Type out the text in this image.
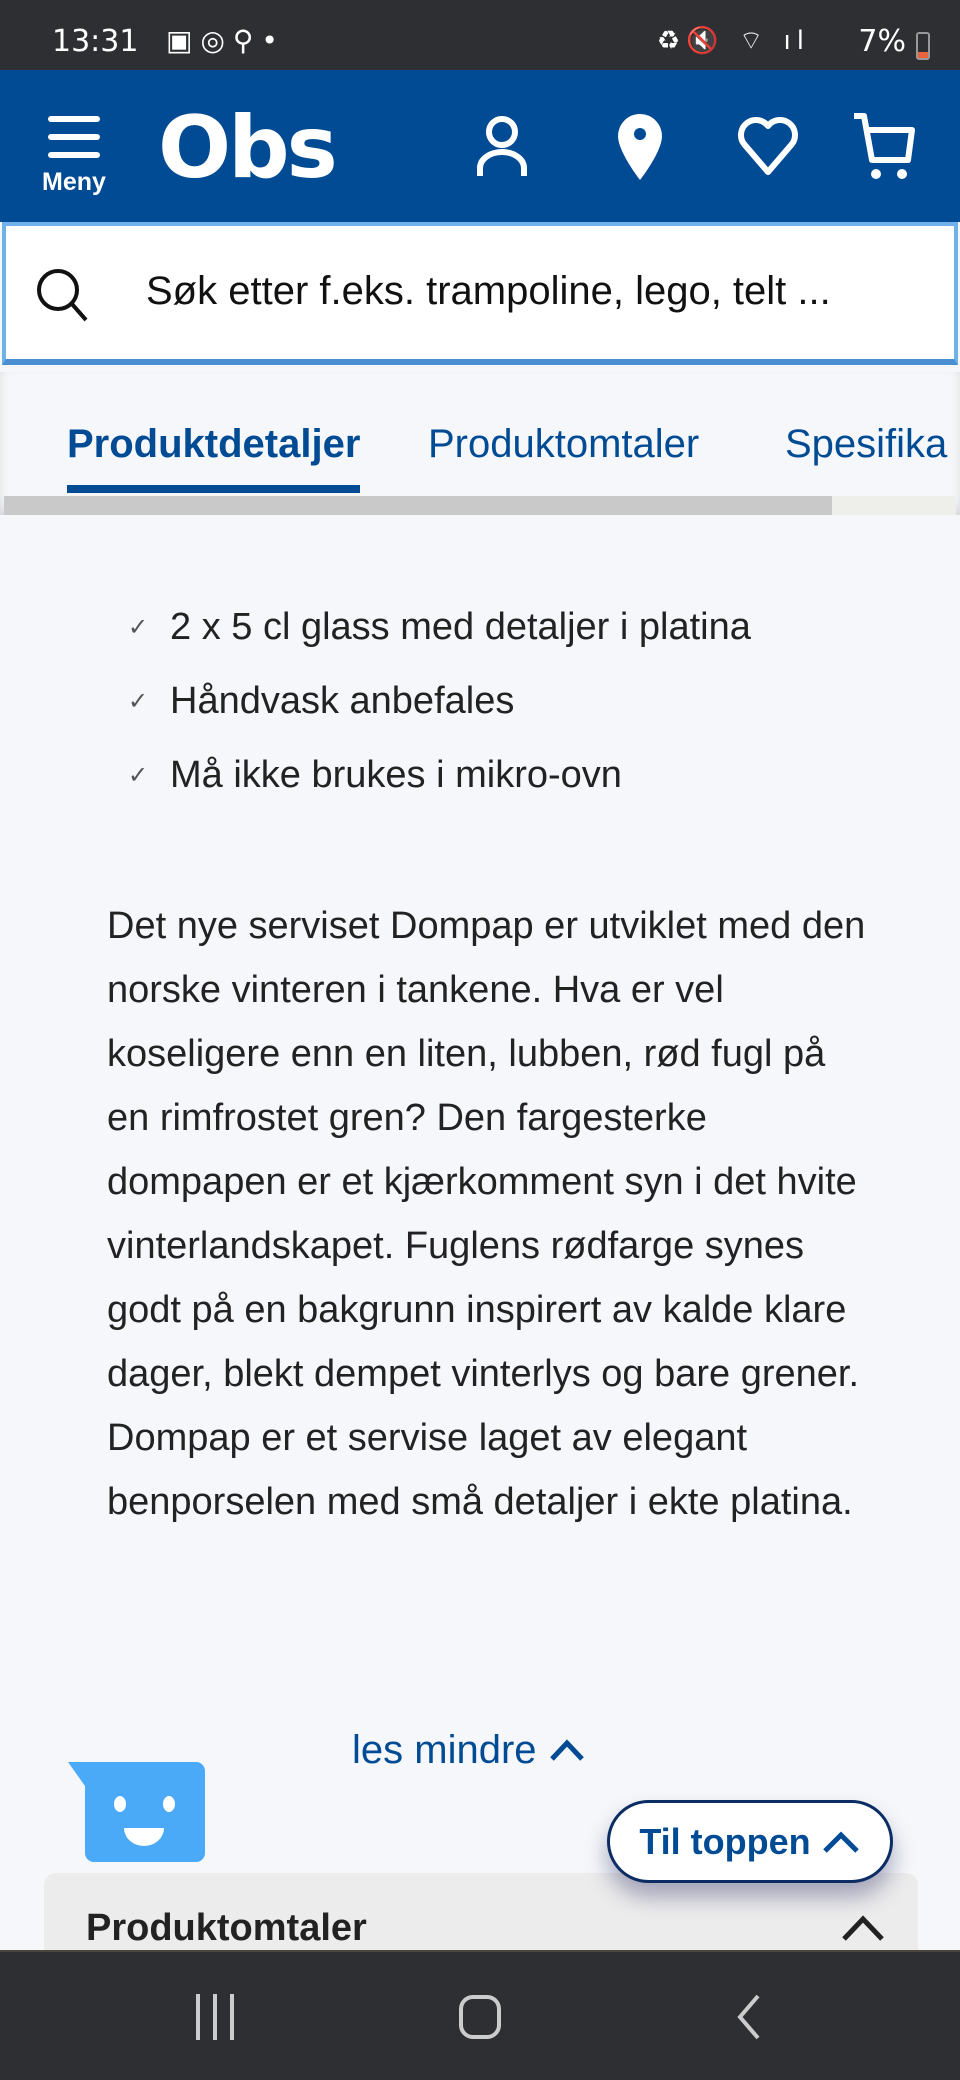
13:31 ▣◎⚲•	♻🔇 ⌔ ıl 7%
Meny Obs
Søk etter f.eks. trampoline, lego, telt ...
Produktdetaljer Produktomtaler Spesifika
✓ 2 x 5 cl glass med detaljer i platina
✓ Håndvask anbefales
✓ Må ikke brukes i mikro-ovn

Det nye serviset Dompap er utviklet med den norske vinteren i tankene. Hva er vel koseligere enn en liten, lubben, rød fugl på en rimfrostet gren? Den fargesterke dompapen er et kjærkomment syn i det hvite vinterlandskapet. Fuglens rødfarge synes godt på en bakgrunn inspirert av kalde klare dager, blekt dempet vinterlys og bare grener. Dompap er et servise laget av elegant benporselen med små detaljer i ekte platina.

les mindre
Produktomtaler
Til toppen
